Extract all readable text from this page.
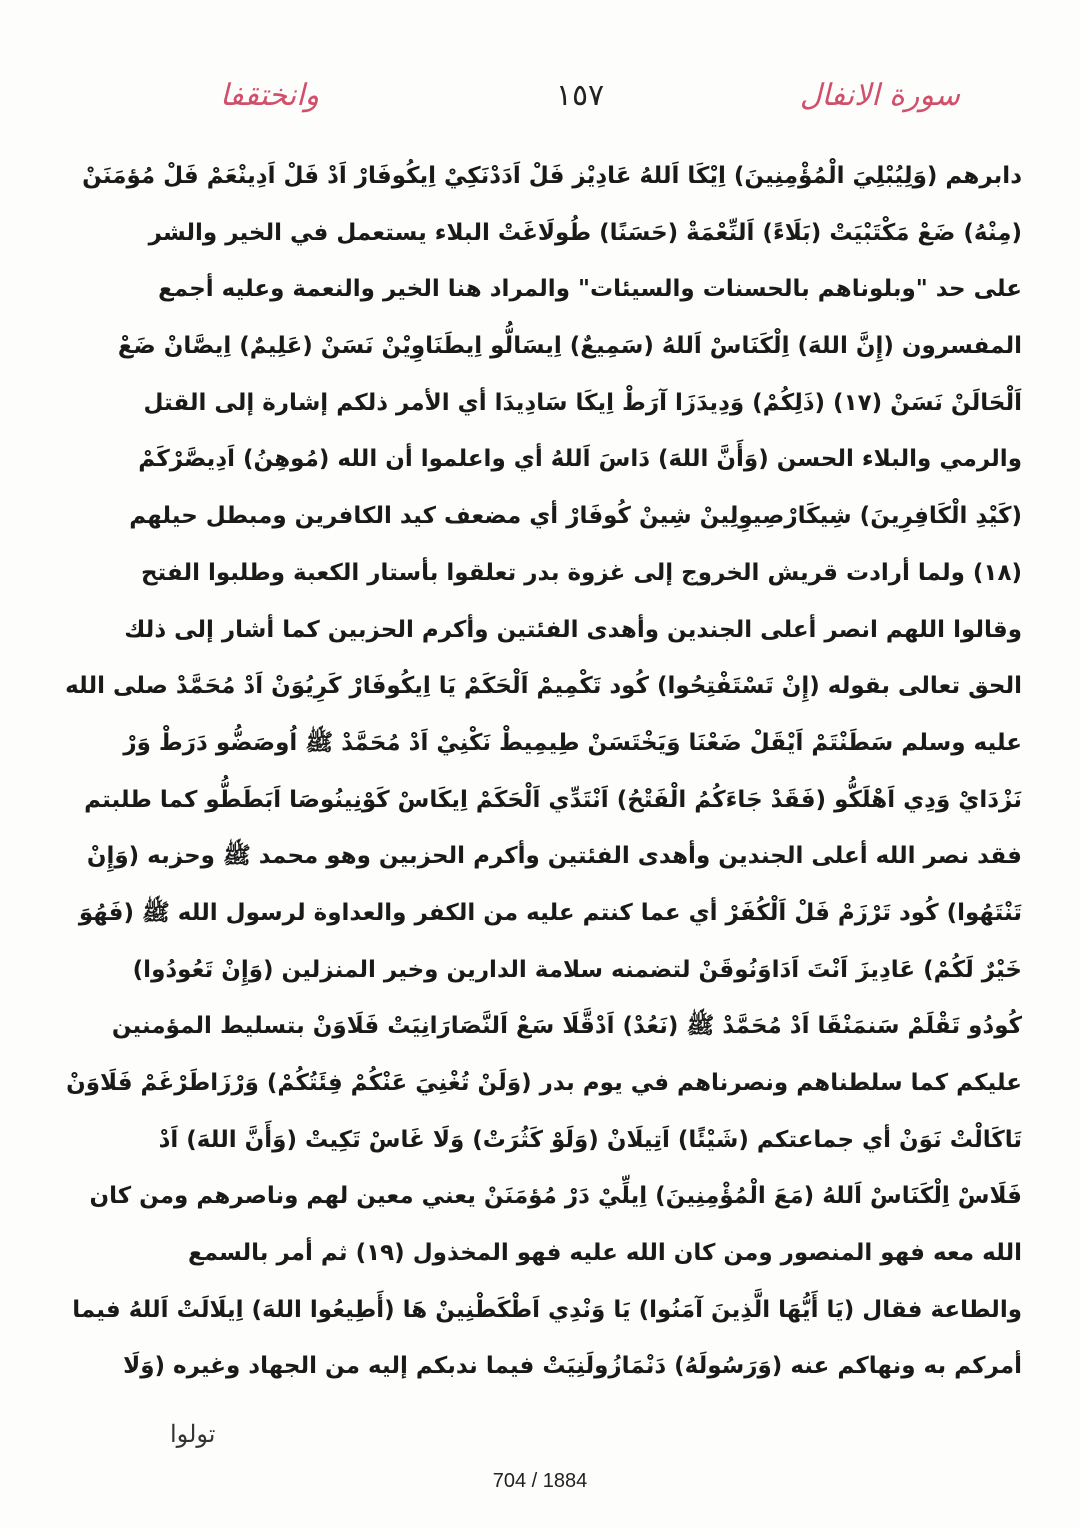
وانختقفا	١٥٧	سورة الانفال
دابرهم (وَلِيُبْلِيَ الْمُؤْمِنِينَ) اِيْكَا اَللهُ عَادِيْز فَلْ اَدَدْنَكِيْ اِيكُوفَارْ اَدْ فَلْ اَدِينْعَمْ فَلْ مُؤمَنَنْ
(مِنْهُ) ضَعْ مَكْتَبْيَتْ (بَلَاءً) اَلنِّعْمَةْ (حَسَنًا) طُولَاغَتْ البلاء يستعمل في الخير والشر
على حد "وبلوناهم بالحسنات والسيئات" والمراد هنا الخير والنعمة وعليه أجمع
المفسرون (إِنَّ اللهَ) اِلْكَنَاسْ اَللهُ (سَمِيعٌ) اِيسَالُّو اِيطَنَاوِيْنْ نَسَنْ (عَلِيمٌ) اِيصَّانْ ضَعْ
اَلْحَالَنْ نَسَنْ (١٧) (ذَلِكُمْ) وَدِيدَزَا آرَطْ اِيكَا سَادِيدَا أي الأمر ذلكم إشارة إلى القتل
والرمي والبلاء الحسن (وَأَنَّ اللهَ) دَاسَ اَللهُ أي واعلموا أن الله (مُوهِنُ) اَدِيصَّرْكَمْ
(كَيْدِ الْكَافِرِينَ) شِيكَارْصِيوِلِينْ شِينْ كُوفَارْ أي مضعف كيد الكافرين ومبطل حيلهم
(١٨) ولما أرادت قريش الخروج إلى غزوة بدر تعلقوا بأستار الكعبة وطلبوا الفتح
وقالوا اللهم انصر أعلى الجندين وأهدى الفئتين وأكرم الحزبين كما أشار إلى ذلك
الحق تعالى بقوله (إِنْ تَسْتَفْتِحُوا) كُود تَكْمِيمْ اَلْحَكَمْ يَا اِيكُوفَارْ كَرِيُوَنْ اَدْ مُحَمَّدْ صلى الله
عليه وسلم سَطَنْتَمْ اَيْقَلْ ضَعْنَا وَيَخْتَسَنْ طِيمِيطْ نَكْنِيْ اَدْ مُحَمَّدْ ﷺ اُوصَضُّو دَرَطْ وَرْ
نَزْدَايْ وَدِي اَهْلَكُّو (فَقَدْ جَاءَكُمُ الْفَتْحُ) اَنْتَدِّي اَلْحَكَمْ اِيكَاسْ كَوْنِينُوصَا اَبَطَطُّو كما طلبتم
فقد نصر الله أعلى الجندين وأهدى الفئتين وأكرم الحزبين وهو محمد ﷺ وحزبه (وَإِنْ
تَنْتَهُوا) كُود تَرْزَمْ فَلْ اَلْكُفَرْ أي عما كنتم عليه من الكفر والعداوة لرسول الله ﷺ (فَهُوَ
خَيْرٌ لَكُمْ) عَادِيزَ اَنْتَ اَدَاوَنُوقَنْ لتضمنه سلامة الدارين وخير المنزلين (وَإِنْ تَعُودُوا)
كُودُو تَقْلَمْ سَنمَنْقَا اَدْ مُحَمَّدْ ﷺ (نَعُدْ) اَدْقَّلَا سَعْ اَلنَّصَارَانِيَتْ فَلَاوَنْ بتسليط المؤمنين
عليكم كما سلطناهم ونصرناهم في يوم بدر (وَلَنْ تُغْنِيَ عَنْكُمْ فِئَتُكُمْ) وَرْزَاطَرْغَمْ فَلَاوَنْ
تَاكَالْتْ نَوَنْ أي جماعتكم (شَيْئًا) اَتِيلَانْ (وَلَوْ كَثُرَتْ) وَلَا غَاسْ تَكِيتْ (وَأَنَّ اللهَ) اَدْ
فَلَاسْ اِلْكَنَاسْ اَللهُ (مَعَ الْمُؤْمِنِينَ) اِيلِّيْ دَرْ مُؤمَنَنْ يعني معين لهم وناصرهم ومن كان
الله معه فهو المنصور ومن كان الله عليه فهو المخذول (١٩) ثم أمر بالسمع
والطاعة فقال (يَا أَيُّهَا الَّذِينَ آمَنُوا) يَا وَنْدِي اَطْكَطْنِينْ هَا (أَطِيعُوا اللهَ) اِيلَالَتْ اَللهُ فيما
أمركم به ونهاكم عنه (وَرَسُولَهُ) دَنْمَازُولَنِيَتْ فيما ندبكم إليه من الجهاد وغيره (وَلَا
تولوا
704 / 1884
